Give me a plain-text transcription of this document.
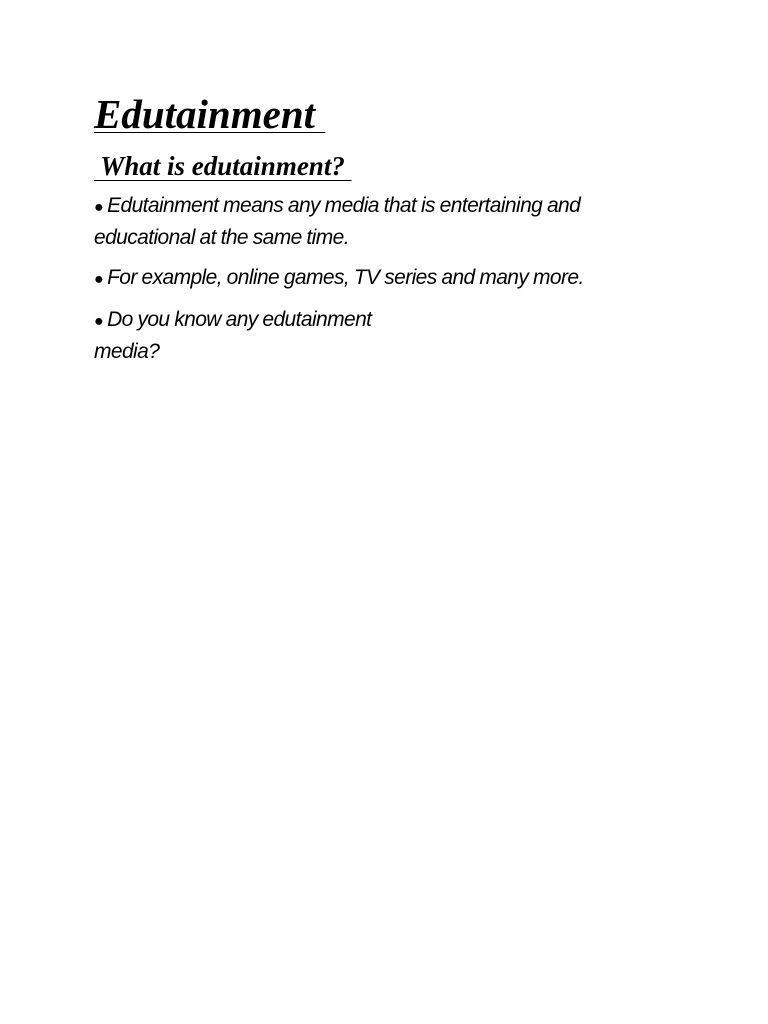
Edutainment
What is edutainment?
● Edutainment means any media that is entertaining and
educational at the same time.
● For example, online games, TV series and many more.
● Do you know any edutainment
media?
